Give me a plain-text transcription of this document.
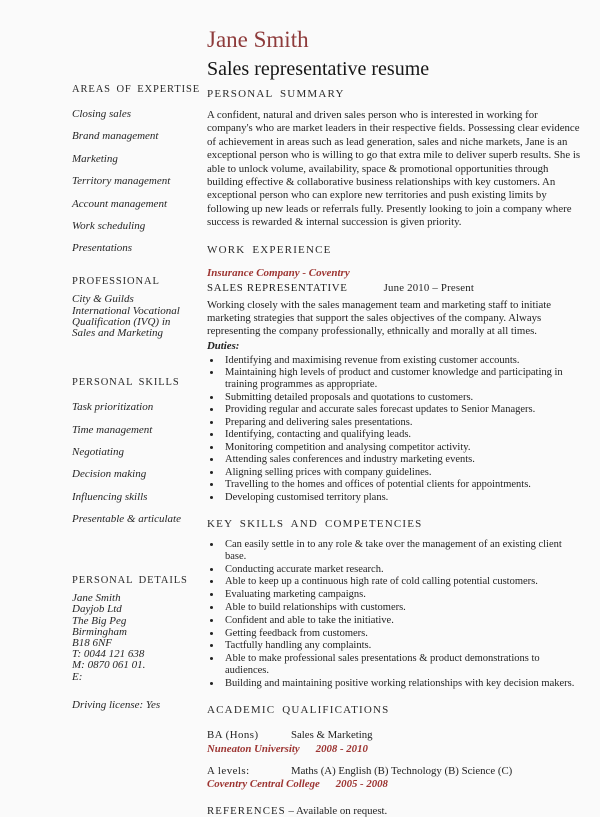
AREAS OF EXPERTISE
Closing sales
Brand management
Marketing
Territory management
Account management
Work scheduling
Presentations
PROFESSIONAL
City & Guilds
International Vocational
Qualification (IVQ) in
Sales and Marketing
PERSONAL SKILLS
Task prioritization
Time management
Negotiating
Decision making
Influencing skills
Presentable & articulate
PERSONAL DETAILS
Jane Smith
Dayjob Ltd
The Big Peg
Birmingham
B18 6NF
T: 0044 121 638
M: 0870 061 01.
E:
Driving license: Yes
Jane Smith
Sales representative resume
PERSONAL SUMMARY

A confident, natural and driven sales person who is interested in working for company's who are market leaders in their respective fields. Possessing clear evidence of achievement in areas such as lead generation, sales and niche markets, Jane is an exceptional person who is willing to go that extra mile to deliver superb results. She is able to unlock volume, availability, space & promotional opportunities through building effective & collaborative business relationships with key customers. An exceptional person who can explore new territories and push existing limits by following up new leads or referrals fully. Presently looking to join a company where success is rewarded & internal succession is given priority.

WORK EXPERIENCE
Insurance Company - Coventry
SALES REPRESENTATIVE	June 2010 – Present

Working closely with the sales management team and marketing staff to initiate marketing strategies that support the sales objectives of the company. Always representing the company professionally, ethnically and morally at all times.

Duties:
• Identifying and maximising revenue from existing customer accounts.
• Maintaining high levels of product and customer knowledge and participating in training programmes as appropriate.
• Submitting detailed proposals and quotations to customers.
• Providing regular and accurate sales forecast updates to Senior Managers.
• Preparing and delivering sales presentations.
• Identifying, contacting and qualifying leads.
• Monitoring competition and analysing competitor activity.
• Attending sales conferences and industry marketing events.
• Aligning selling prices with company guidelines.
• Travelling to the homes and offices of potential clients for appointments.
• Developing customised territory plans.
KEY SKILLS AND COMPETENCIES
• Can easily settle in to any role & take over the management of an existing client base.
• Conducting accurate market research.
• Able to keep up a continuous high rate of cold calling potential customers.
• Evaluating marketing campaigns.
• Able to build relationships with customers.
• Confident and able to take the initiative.
• Getting feedback from customers.
• Tactfully handling any complaints.
• Able to make professional sales presentations & product demonstrations to audiences.
• Building and maintaining positive working relationships with key decision makers.
ACADEMIC QUALIFICATIONS
BA (Hons)	Sales & Marketing
Nuneaton University 2008 - 2010
A levels:	Maths (A) English (B) Technology (B) Science (C)
Coventry Central College 2005 - 2008
REFERENCES – Available on request.
